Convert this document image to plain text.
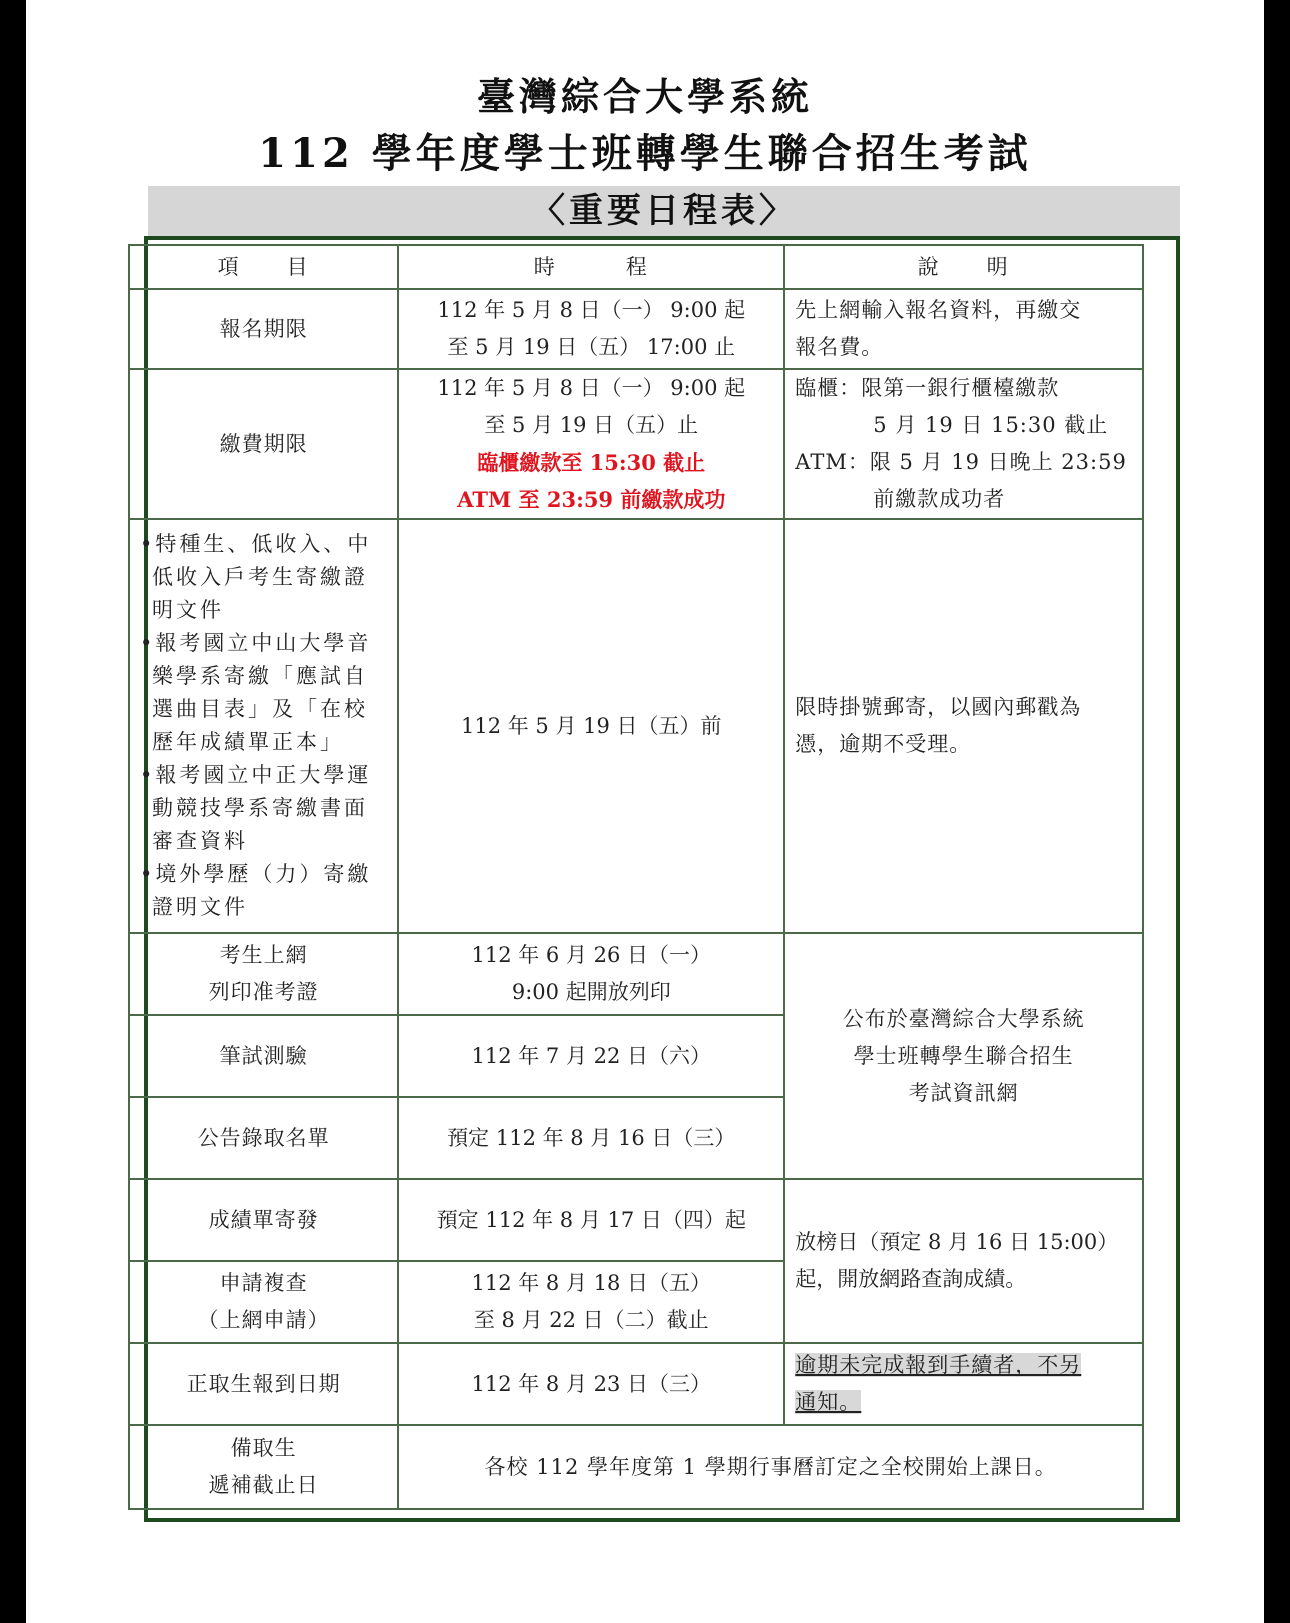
臺灣綜合大學系統
112 學年度學士班轉學生聯合招生考試
〈重要日程表〉
項　　目	時　　　程	說　　明
報名期限	112 年 5 月 8 日（一） 9:00 起
至 5 月 19 日（五） 17:00 止	先上網輸入報名資料，再繳交
報名費。

繳費期限	112 年 5 月 8 日（一） 9:00 起
至 5 月 19 日（五）止
臨櫃繳款至 15:30 截止
ATM 至 23:59 前繳款成功	臨櫃：限第一銀行櫃檯繳款
5 月 19 日 15:30 截止
ATM：限 5 月 19 日晚上 23:59
前繳款成功者

•特種生、低收入、中低收入戶考生寄繳證明文件
•報考國立中山大學音樂學系寄繳「應試自選曲目表」及「在校歷年成績單正本」
•報考國立中正大學運動競技學系寄繳書面審查資料
•境外學歷（力）寄繳證明文件	112 年 5 月 19 日（五）前	限時掛號郵寄，以國內郵戳為
憑，逾期不受理。

考生上網
列印准考證	112 年 6 月 26 日（一）
9:00 起開放列印	公布於臺灣綜合大學系統
學士班轉學生聯合招生
考試資訊網

筆試測驗	112 年 7 月 22 日（六）	
公告錄取名單	預定 112 年 8 月 16 日（三）	
成績單寄發	預定 112 年 8 月 17 日（四）起	放榜日（預定 8 月 16 日 15:00）
起，開放網路查詢成績。

申請複查
（上網申請）	112 年 8 月 18 日（五）
至 8 月 22 日（二）截止	

正取生報到日期	112 年 8 月 23 日（三）	逾期未完成報到手續者，不另
通知。

備取生
遞補截止日	各校 112 學年度第 1 學期行事曆訂定之全校開始上課日。	
